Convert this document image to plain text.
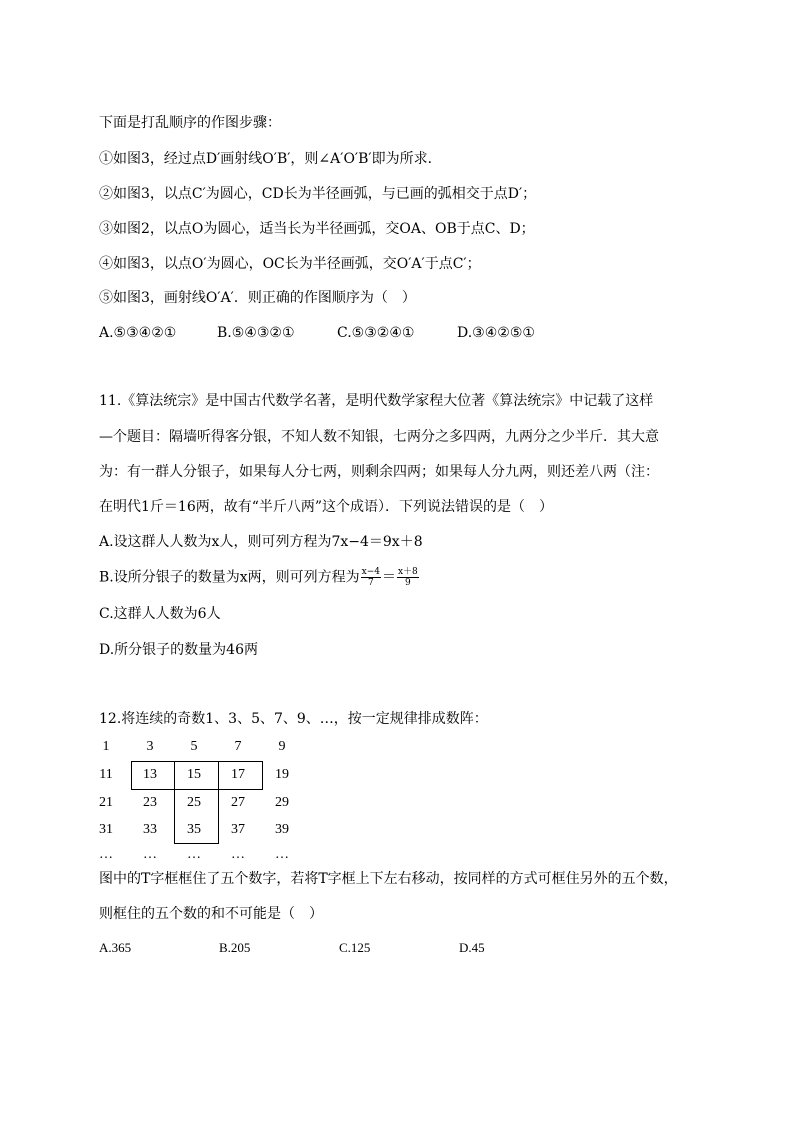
下面是打乱顺序的作图步骤：
①如图3，经过点D′画射线O′B′，则∠A′O′B′即为所求．
②如图3，以点C′为圆心，CD长为半径画弧，与已画的弧相交于点D′；
③如图2，以点O为圆心，适当长为半径画弧，交OA、OB于点C、D；
④如图3，以点O′为圆心，OC长为半径画弧，交O′A′于点C′；
⑤如图3，画射线O′A′．则正确的作图顺序为（　）
A.⑤③④②①	B.⑤④③②①	C.⑤③②④①	D.③④②⑤①
11.《算法统宗》是中国古代数学名著，是明代数学家程大位著《算法统宗》中记载了这样
—个题目：隔墙听得客分银，不知人数不知银，七两分之多四两，九两分之少半斤．其大意
为：有一群人分银子，如果每人分七两，则剩余四两；如果每人分九两，则还差八两（注：
在明代1斤＝16两，故有“半斤八两”这个成语）．下列说法错误的是（　）
A.设这群人人数为x人，则可列方程为7x−4＝9x＋8
B.设所分银子的数量为x两，则可列方程为 $\frac{x-4}{7} = \frac{x+8}{9}$
C.这群人人数为6人
D.所分银子的数量为46两
12.将连续的奇数1、3、5、7、9、…，按一定规律排成数阵：
1	3	5	7	9
11	13	15	17	19
21	23	25	27	29
31	33	35	37	39
…	…	…	…	…
图中的T字框框住了五个数字，若将T字框上下左右移动，按同样的方式可框住另外的五个数，
则框住的五个数的和不可能是（　）
A.365	B.205	C.125	D.45
